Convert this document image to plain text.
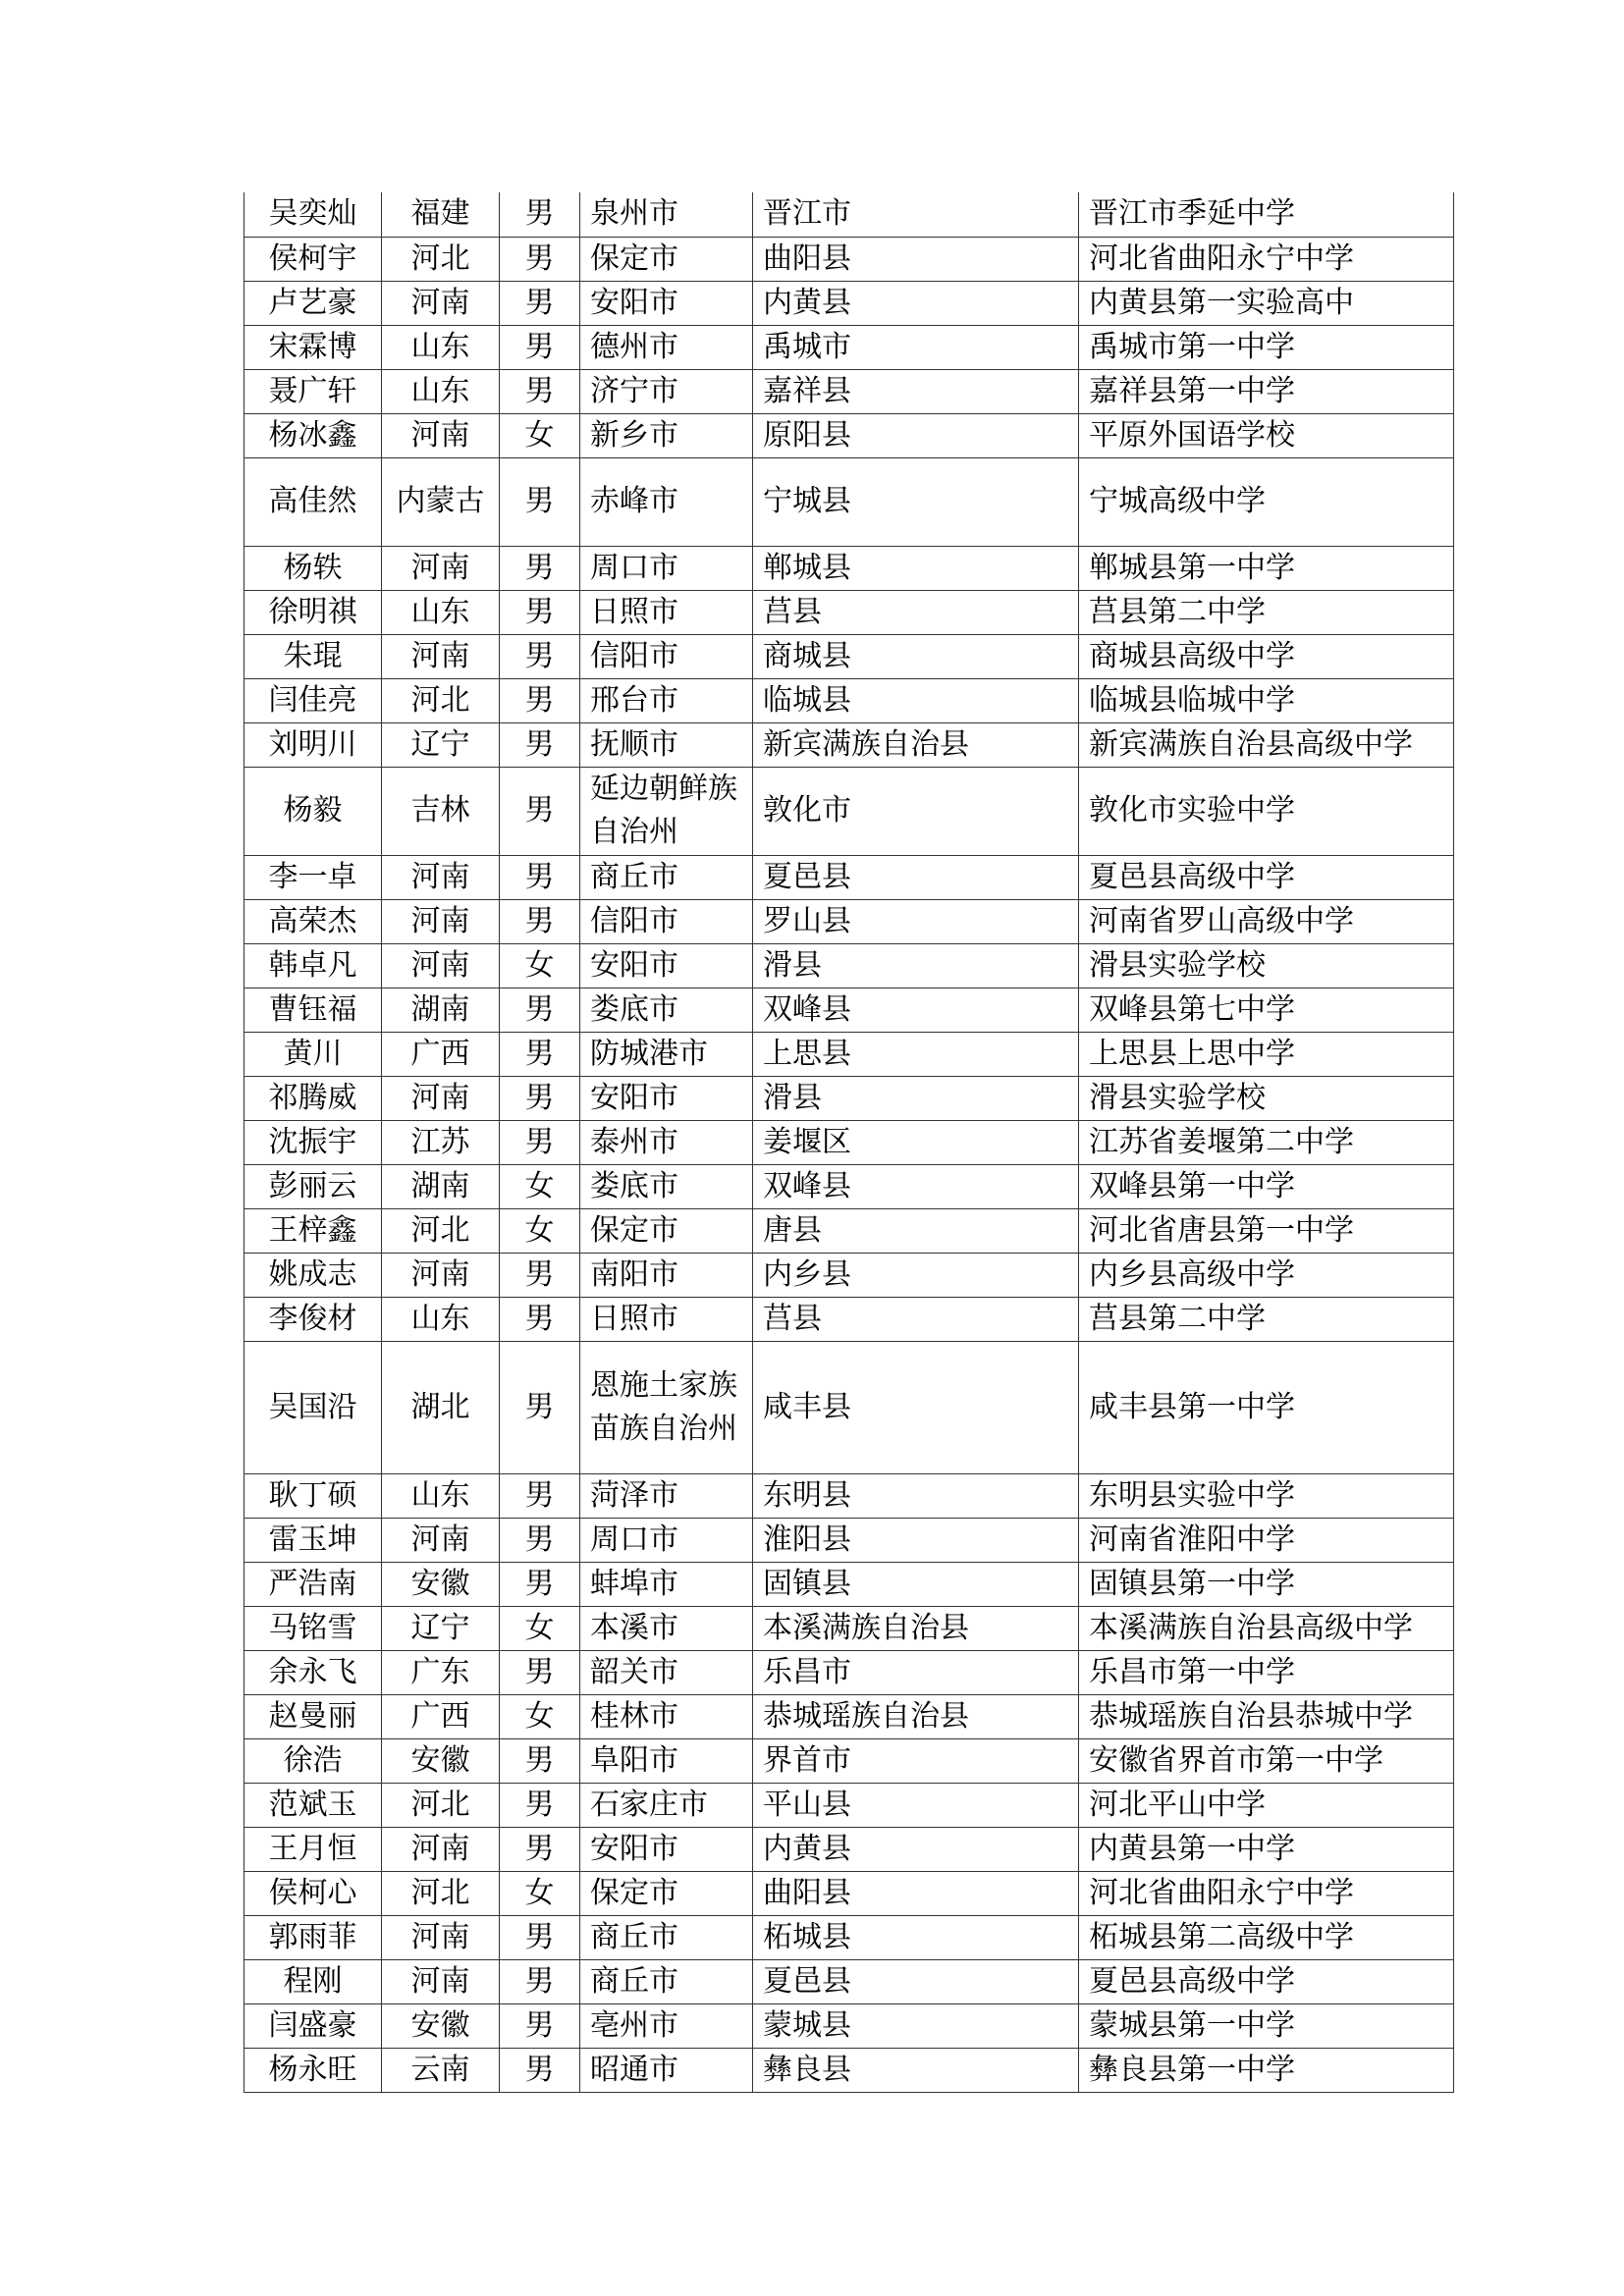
吴奕灿	福建	男	泉州市	晋江市	晋江市季延中学
侯柯宇	河北	男	保定市	曲阳县	河北省曲阳永宁中学
卢艺豪	河南	男	安阳市	内黄县	内黄县第一实验高中
宋霖博	山东	男	德州市	禹城市	禹城市第一中学
聂广轩	山东	男	济宁市	嘉祥县	嘉祥县第一中学
杨冰鑫	河南	女	新乡市	原阳县	平原外国语学校
高佳然	内蒙古	男	赤峰市	宁城县	宁城高级中学
杨轶	河南	男	周口市	郸城县	郸城县第一中学
徐明祺	山东	男	日照市	莒县	莒县第二中学
朱琨	河南	男	信阳市	商城县	商城县高级中学
闫佳亮	河北	男	邢台市	临城县	临城县临城中学
刘明川	辽宁	男	抚顺市	新宾满族自治县	新宾满族自治县高级中学
杨毅	吉林	男	延边朝鲜族自治州	敦化市	敦化市实验中学
李一卓	河南	男	商丘市	夏邑县	夏邑县高级中学
高荣杰	河南	男	信阳市	罗山县	河南省罗山高级中学
韩卓凡	河南	女	安阳市	滑县	滑县实验学校
曹钰福	湖南	男	娄底市	双峰县	双峰县第七中学
黄川	广西	男	防城港市	上思县	上思县上思中学
祁腾威	河南	男	安阳市	滑县	滑县实验学校
沈振宇	江苏	男	泰州市	姜堰区	江苏省姜堰第二中学
彭丽云	湖南	女	娄底市	双峰县	双峰县第一中学
王梓鑫	河北	女	保定市	唐县	河北省唐县第一中学
姚成志	河南	男	南阳市	内乡县	内乡县高级中学
李俊材	山东	男	日照市	莒县	莒县第二中学
吴国沿	湖北	男	恩施土家族苗族自治州	咸丰县	咸丰县第一中学
耿丁硕	山东	男	菏泽市	东明县	东明县实验中学
雷玉坤	河南	男	周口市	淮阳县	河南省淮阳中学
严浩南	安徽	男	蚌埠市	固镇县	固镇县第一中学
马铭雪	辽宁	女	本溪市	本溪满族自治县	本溪满族自治县高级中学
余永飞	广东	男	韶关市	乐昌市	乐昌市第一中学
赵曼丽	广西	女	桂林市	恭城瑶族自治县	恭城瑶族自治县恭城中学
徐浩	安徽	男	阜阳市	界首市	安徽省界首市第一中学
范斌玉	河北	男	石家庄市	平山县	河北平山中学
王月恒	河南	男	安阳市	内黄县	内黄县第一中学
侯柯心	河北	女	保定市	曲阳县	河北省曲阳永宁中学
郭雨菲	河南	男	商丘市	柘城县	柘城县第二高级中学
程刚	河南	男	商丘市	夏邑县	夏邑县高级中学
闫盛豪	安徽	男	亳州市	蒙城县	蒙城县第一中学
杨永旺	云南	男	昭通市	彝良县	彝良县第一中学
